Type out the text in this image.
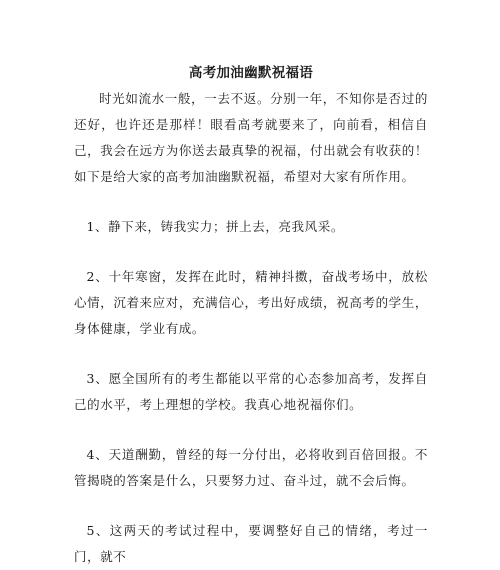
高考加油幽默祝福语

时光如流水一般，一去不返。分别一年，不知你是否过的还好，也许还是那样！眼看高考就要来了，向前看，相信自己，我会在远方为你送去最真挚的祝福，付出就会有收获的！如下是给大家的高考加油幽默祝福，希望对大家有所作用。

1、静下来，铸我实力；拼上去，亮我风采。

2、十年寒窗，发挥在此时，精神抖擞，奋战考场中，放松心情，沉着来应对，充满信心，考出好成绩，祝高考的学生，身体健康，学业有成。

3、愿全国所有的考生都能以平常的心态参加高考，发挥自己的水平，考上理想的学校。我真心地祝福你们。

4、天道酬勤，曾经的每一分付出，必将收到百倍回报。不管揭晓的答案是什么，只要努力过、奋斗过，就不会后悔。

5、这两天的考试过程中，要调整好自己的情绪，考过一门，就不
